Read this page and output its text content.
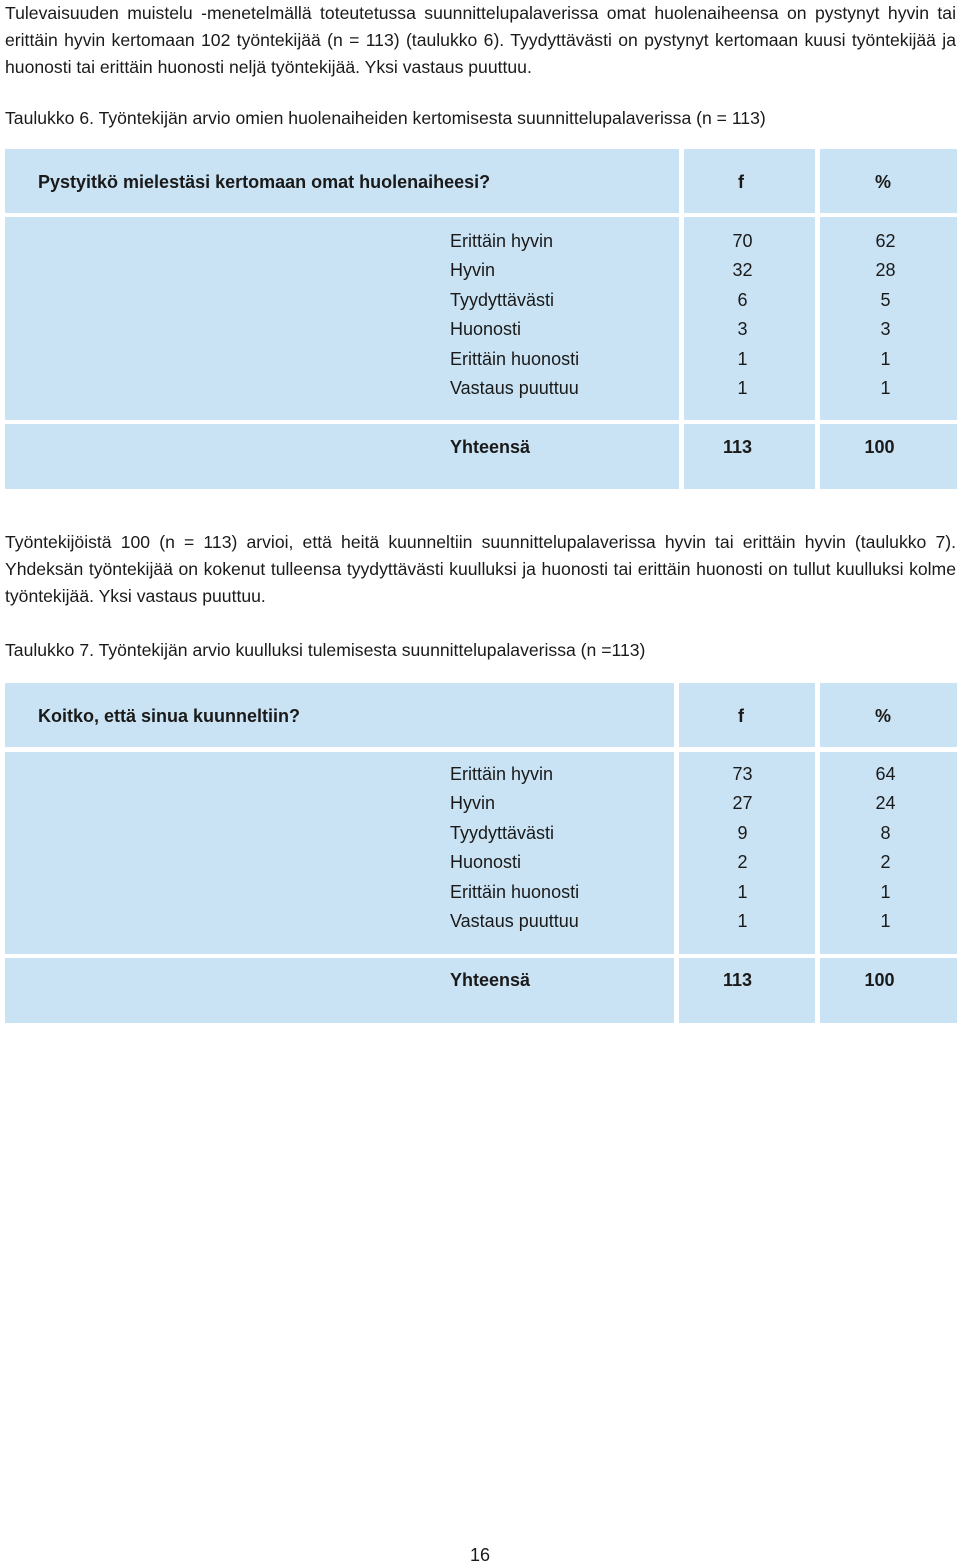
Tulevaisuuden muistelu -menetelmällä toteutetussa suunnittelupalaverissa omat huolenaiheensa on pystynyt hyvin tai erittäin hyvin kertomaan 102 työntekijää (n = 113) (taulukko 6). Tyydyttävästi on pystynyt kertomaan kuusi työntekijää ja huonosti tai erittäin huonosti neljä työntekijää. Yksi vastaus puuttuu.

Taulukko 6. Työntekijän arvio omien huolenaiheiden kertomisesta suunnittelupalaverissa (n = 113)

Pystyitkö mielestäsi kertomaan omat huolenaiheesi?	f	%
Erittäin hyvin	70	62
Hyvin	32	28
Tyydyttävästi	6	5
Huonosti	3	3
Erittäin huonosti	1	1
Vastaus puuttuu	1	1
Yhteensä	113	100

Työntekijöistä 100 (n = 113) arvioi, että heitä kuunneltiin suunnittelupalaverissa hyvin tai erittäin hyvin (taulukko 7). Yhdeksän työntekijää on kokenut tulleensa tyydyttävästi kuulluksi ja huonosti tai erittäin huonosti on tullut kuulluksi kolme työntekijää. Yksi vastaus puuttuu.

Taulukko 7. Työntekijän arvio kuulluksi tulemisesta suunnittelupalaverissa (n =113)

Koitko, että sinua kuunneltiin?	f	%
Erittäin hyvin	73	64
Hyvin	27	24
Tyydyttävästi	9	8
Huonosti	2	2
Erittäin huonosti	1	1
Vastaus puuttuu	1	1
Yhteensä	113	100
16
